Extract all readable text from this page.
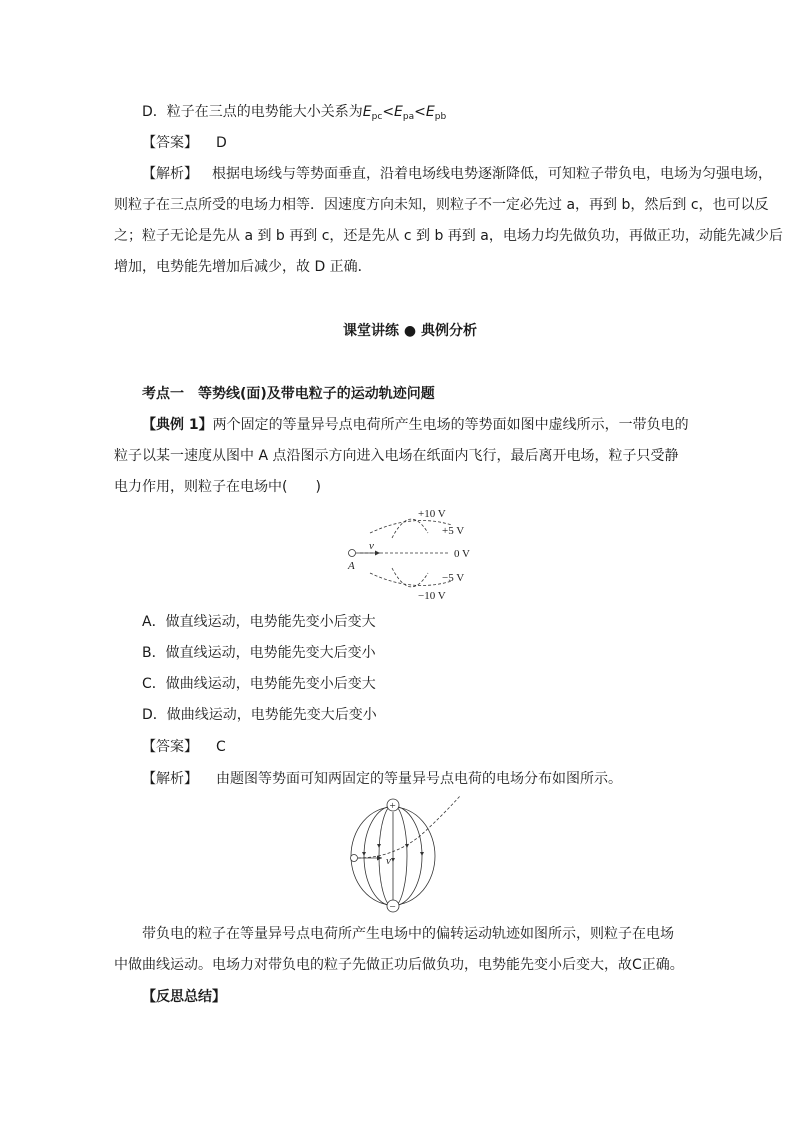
D．粒子在三点的电势能大小关系为$E_{pc}<E_{pa}<E_{pb}$
【答案】 D
【解析】 根据电场线与等势面垂直，沿着电场线电势逐渐降低，可知粒子带负电，电场为匀强电场，
则粒子在三点所受的电场力相等．因速度方向未知，则粒子不一定必先过 a，再到 b，然后到 c，也可以反
之；粒子无论是先从 a 到 b 再到 c，还是先从 c 到 b 再到 a，电场力均先做负功，再做正功，动能先减少后
增加，电势能先增加后减少，故 D 正确．
课堂讲练 ● 典例分析
考点一　等势线(面)及带电粒子的运动轨迹问题
【典例 1】两个固定的等量异号点电荷所产生电场的等势面如图中虚线所示，一带负电的
粒子以某一速度从图中 A 点沿图示方向进入电场在纸面内飞行，最后离开电场，粒子只受静
电力作用，则粒子在电场中(　　)
v
A
+10 V
+5 V
0 V
−5 V
−10 V
A．做直线运动，电势能先变小后变大
B．做直线运动，电势能先变大后变小
C．做曲线运动，电势能先变小后变大
D．做曲线运动，电势能先变大后变小
【答案】 C
【解析】 由题图等势面可知两固定的等量异号点电荷的电场分布如图所示。
+
−
v
带负电的粒子在等量异号点电荷所产生电场中的偏转运动轨迹如图所示，则粒子在电场
中做曲线运动。电场力对带负电的粒子先做正功后做负功，电势能先变小后变大，故C正确。
【反思总结】
